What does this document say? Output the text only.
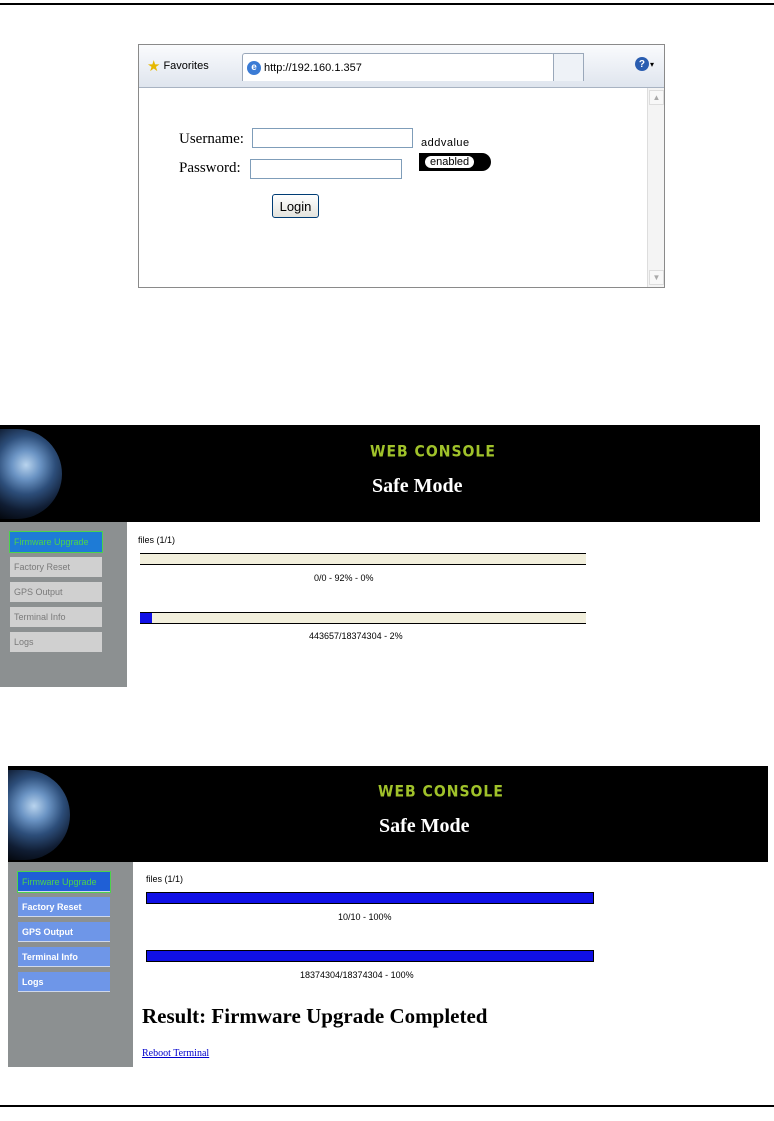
★ Favorites	e http://192.160.1.357	? ▾
▲
▼
Username:
Password:
Login
addvalue
enabled
WEB CONSOLE
Safe Mode
Firmware Upgrade
Factory Reset
GPS Output
Terminal Info
Logs
files (1/1)
0/0 - 92% - 0%
443657/18374304 - 2%
WEB CONSOLE
Safe Mode
Firmware Upgrade
Factory Reset
GPS Output
Terminal Info
Logs
files (1/1)
10/10 - 100%
18374304/18374304 - 100%
Result: Firmware Upgrade Completed
Reboot Terminal
